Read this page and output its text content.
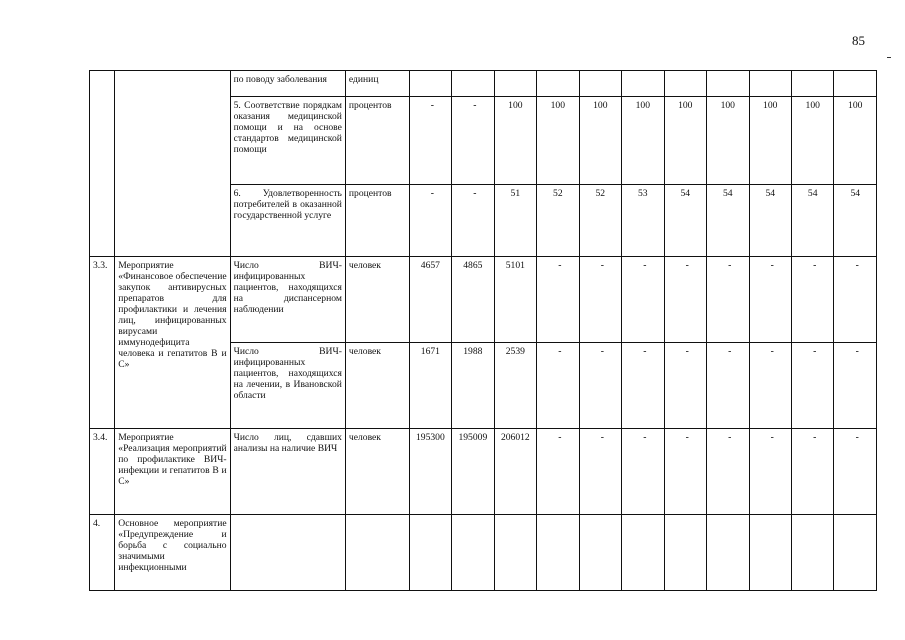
85
		по поводу заболевания	единиц											
		5. Соответствие порядкам оказания медицинской помощи и на основе стандартов медицинской помощи	процентов	-	-	100	100	100	100	100	100	100	100	100
		6. Удовлетворенность потребителей в оказанной государственной услуге	процентов	-	-	51	52	52	53	54	54	54	54	54
3.3.	Мероприятие «Финансовое обеспечение закупок антивирусных препаратов для профилактики и лечения лиц, инфицированных вирусами иммунодефицита человека и гепатитов В и С»	Число ВИЧ-инфицированных пациентов, находящихся на диспансерном наблюдении	человек	4657	4865	5101	-	-	-	-	-	-	-	-
		Число ВИЧ-инфицированных пациентов, находящихся на лечении, в Ивановской области	человек	1671	1988	2539	-	-	-	-	-	-	-	-
3.4.	Мероприятие «Реализация мероприятий по профилактике ВИЧ-инфекции и гепатитов В и С»	Число лиц, сдавших анализы на наличие ВИЧ	человек	195300	195009	206012	-	-	-	-	-	-	-	-
4.	Основное мероприятие «Предупреждение и борьба с социально значимыми инфекционными													
